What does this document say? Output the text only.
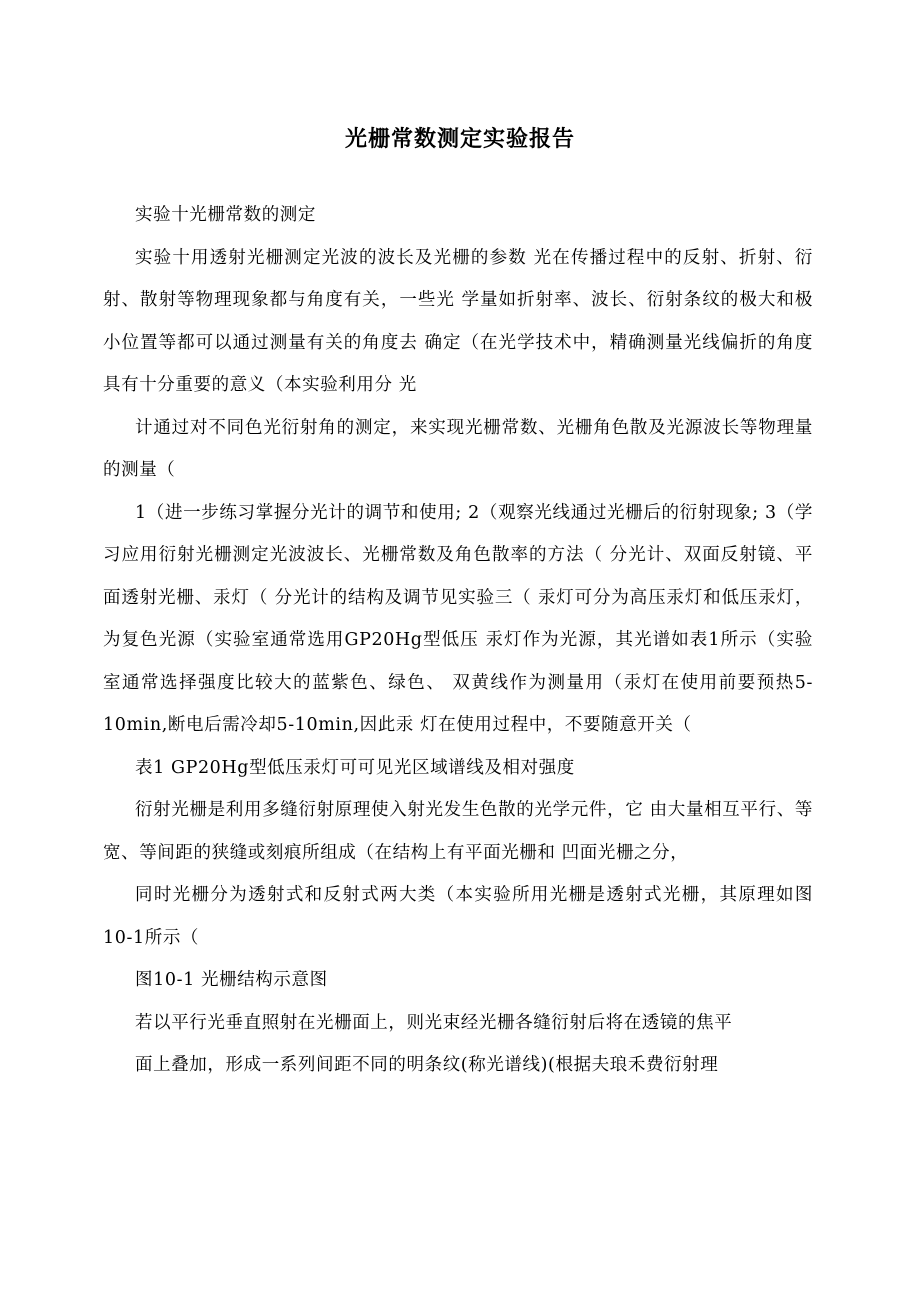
光栅常数测定实验报告

实验十光栅常数的测定

实验十用透射光栅测定光波的波长及光栅的参数 光在传播过程中的反射、折射、衍射、散射等物理现象都与角度有关，一些光 学量如折射率、波长、衍射条纹的极大和极小位置等都可以通过测量有关的角度去 确定（在光学技术中，精确测量光线偏折的角度具有十分重要的意义（本实验利用分 光

计通过对不同色光衍射角的测定，来实现光栅常数、光栅角色散及光源波长等物理量的测量（

1（进一步练习掌握分光计的调节和使用; 2（观察光线通过光栅后的衍射现象; 3（学习应用衍射光栅测定光波波长、光栅常数及角色散率的方法（ 分光计、双面反射镜、平面透射光栅、汞灯（ 分光计的结构及调节见实验三（ 汞灯可分为高压汞灯和低压汞灯，为复色光源（实验室通常选用GP20Hg型低压 汞灯作为光源，其光谱如表1所示（实验室通常选择强度比较大的蓝紫色、绿色、 双黄线作为测量用（汞灯在使用前要预热5-10min,断电后需冷却5-10min,因此汞 灯在使用过程中，不要随意开关（

表1 GP20Hg型低压汞灯可可见光区域谱线及相对强度

衍射光栅是利用多缝衍射原理使入射光发生色散的光学元件，它 由大量相互平行、等宽、等间距的狭缝或刻痕所组成（在结构上有平面光栅和 凹面光栅之分，

同时光栅分为透射式和反射式两大类（本实验所用光栅是透射式光栅，其原理如图10-1所示（

图10-1 光栅结构示意图

若以平行光垂直照射在光栅面上，则光束经光栅各缝衍射后将在透镜的焦平

面上叠加，形成一系列间距不同的明条纹(称光谱线)(根据夫琅禾费衍射理
